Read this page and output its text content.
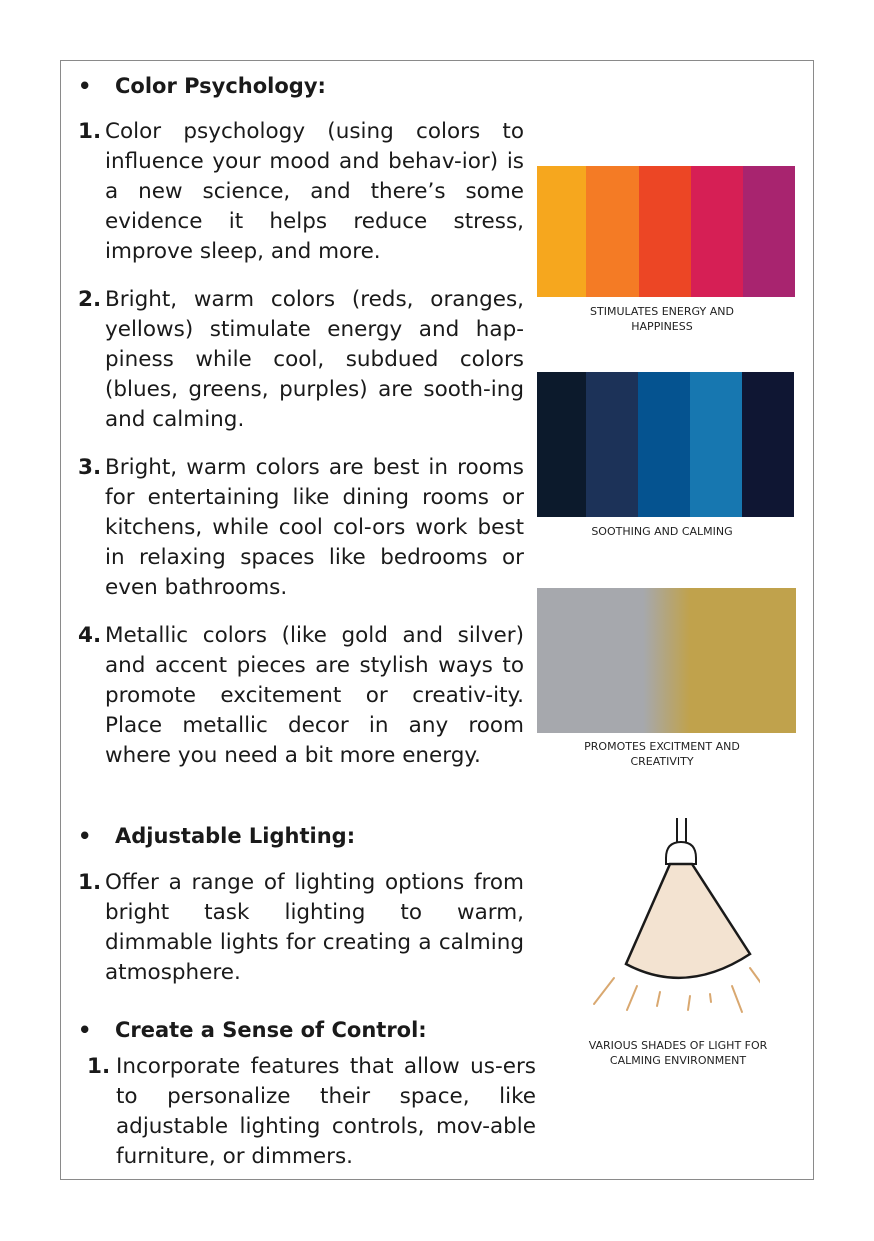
• Color Psychology:
1. Color psychology (using colors to influence your mood and behav-ior) is a new science, and there’s some evidence it helps reduce stress, improve sleep, and more.
2. Bright, warm colors (reds, oranges, yellows) stimulate energy and hap-piness while cool, subdued colors (blues, greens, purples) are sooth-ing and calming.
3. Bright, warm colors are best in rooms for entertaining like dining rooms or kitchens, while cool col-ors work best in relaxing spaces like bedrooms or even bathrooms.
4. Metallic colors (like gold and silver) and accent pieces are stylish ways to promote excitement or creativ-ity. Place metallic decor in any room where you need a bit more energy.
• Adjustable Lighting:
1. Offer a range of lighting options from bright task lighting to warm, dimmable lights for creating a calming atmosphere.
• Create a Sense of Control:
1. Incorporate features that allow us-ers to personalize their space, like adjustable lighting controls, mov-able furniture, or dimmers.
STIMULATES ENERGY AND
HAPPINESS
SOOTHING AND CALMING
PROMOTES EXCITMENT AND
CREATIVITY
VARIOUS SHADES OF LIGHT FOR
CALMING ENVIRONMENT
